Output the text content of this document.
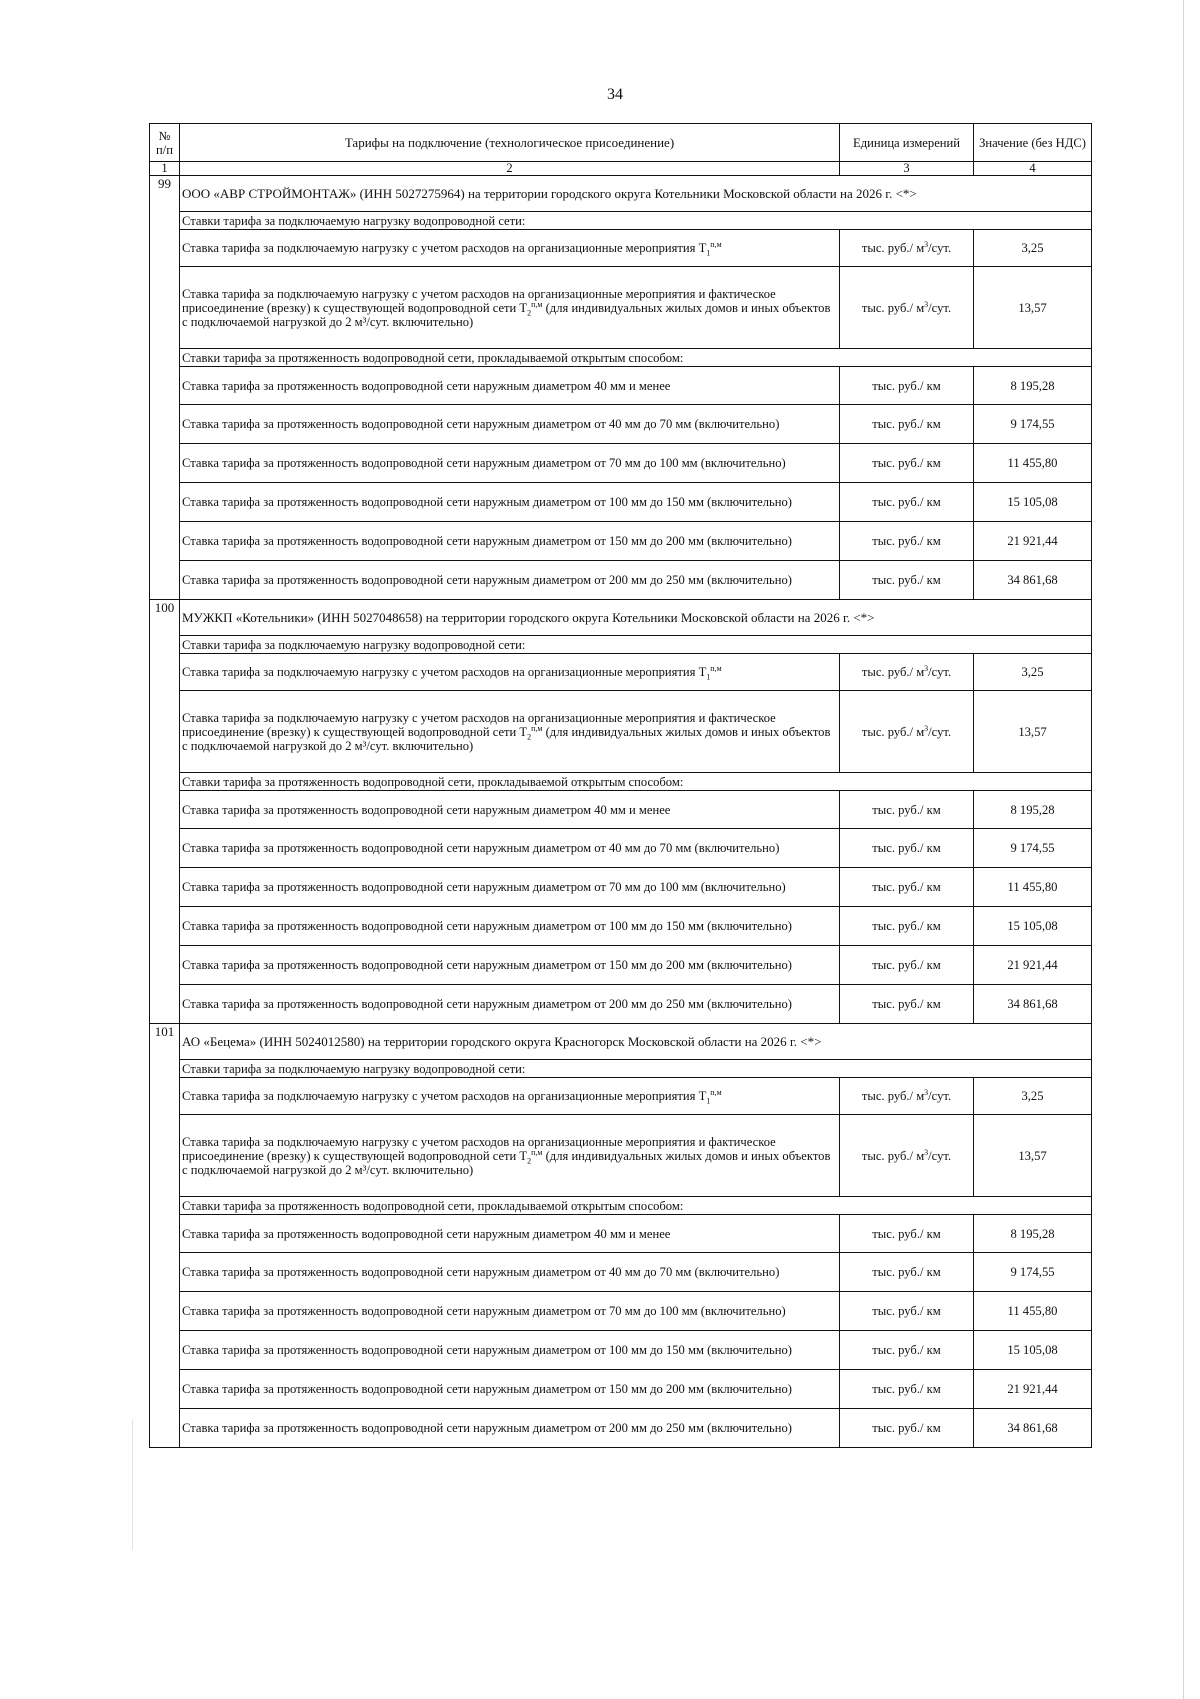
34
№ п/п	Тарифы на подключение (технологическое присоединение)	Единица измерений	Значение (без НДС)
1	2	3	4
99	ООО «АВР СТРОЙМОНТАЖ» (ИНН 5027275964) на территории городского округа Котельники Московской области на 2026 г. <*>		
	Ставки тарифа за подключаемую нагрузку водопроводной сети:		
	Ставка тарифа за подключаемую нагрузку с учетом расходов на организационные мероприятия $T_1^{п,м}$	тыс. руб./ $м^3$/сут.	3,25
	Ставка тарифа за подключаемую нагрузку с учетом расходов на организационные мероприятия и фактическое присоединение (врезку) к существующей водопроводной сети $T_2^{п,м}$ (для индивидуальных жилых домов и иных объектов с подключаемой нагрузкой до 2 м³/сут. включительно)	тыс. руб./ $м^3$/сут.	13,57
	Ставки тарифа за протяженность водопроводной сети, прокладываемой открытым способом:		
	Ставка тарифа за протяженность водопроводной сети наружным диаметром 40 мм и менее	тыс. руб./ км	8 195,28
	Ставка тарифа за протяженность водопроводной сети наружным диаметром от 40 мм до 70 мм (включительно)	тыс. руб./ км	9 174,55
	Ставка тарифа за протяженность водопроводной сети наружным диаметром от 70 мм до 100 мм (включительно)	тыс. руб./ км	11 455,80
	Ставка тарифа за протяженность водопроводной сети наружным диаметром от 100 мм до 150 мм (включительно)	тыс. руб./ км	15 105,08
	Ставка тарифа за протяженность водопроводной сети наружным диаметром от 150 мм до 200 мм (включительно)	тыс. руб./ км	21 921,44
	Ставка тарифа за протяженность водопроводной сети наружным диаметром от 200 мм до 250 мм (включительно)	тыс. руб./ км	34 861,68
100	МУЖКП «Котельники» (ИНН 5027048658) на территории городского округа Котельники Московской области на 2026 г. <*>		
	Ставки тарифа за подключаемую нагрузку водопроводной сети:		
	Ставка тарифа за подключаемую нагрузку с учетом расходов на организационные мероприятия $T_1^{п,м}$	тыс. руб./ $м^3$/сут.	3,25
	Ставка тарифа за подключаемую нагрузку с учетом расходов на организационные мероприятия и фактическое присоединение (врезку) к существующей водопроводной сети $T_2^{п,м}$ (для индивидуальных жилых домов и иных объектов с подключаемой нагрузкой до 2 м³/сут. включительно)	тыс. руб./ $м^3$/сут.	13,57
	Ставки тарифа за протяженность водопроводной сети, прокладываемой открытым способом:		
	Ставка тарифа за протяженность водопроводной сети наружным диаметром 40 мм и менее	тыс. руб./ км	8 195,28
	Ставка тарифа за протяженность водопроводной сети наружным диаметром от 40 мм до 70 мм (включительно)	тыс. руб./ км	9 174,55
	Ставка тарифа за протяженность водопроводной сети наружным диаметром от 70 мм до 100 мм (включительно)	тыс. руб./ км	11 455,80
	Ставка тарифа за протяженность водопроводной сети наружным диаметром от 100 мм до 150 мм (включительно)	тыс. руб./ км	15 105,08
	Ставка тарифа за протяженность водопроводной сети наружным диаметром от 150 мм до 200 мм (включительно)	тыс. руб./ км	21 921,44
	Ставка тарифа за протяженность водопроводной сети наружным диаметром от 200 мм до 250 мм (включительно)	тыс. руб./ км	34 861,68
101	АО «Бецема» (ИНН 5024012580) на территории городского округа Красногорск Московской области на 2026 г. <*>		
	Ставки тарифа за подключаемую нагрузку водопроводной сети:		
	Ставка тарифа за подключаемую нагрузку с учетом расходов на организационные мероприятия $T_1^{п,м}$	тыс. руб./ $м^3$/сут.	3,25
	Ставка тарифа за подключаемую нагрузку с учетом расходов на организационные мероприятия и фактическое присоединение (врезку) к существующей водопроводной сети $T_2^{п,м}$ (для индивидуальных жилых домов и иных объектов с подключаемой нагрузкой до 2 м³/сут. включительно)	тыс. руб./ $м^3$/сут.	13,57
	Ставки тарифа за протяженность водопроводной сети, прокладываемой открытым способом:		
	Ставка тарифа за протяженность водопроводной сети наружным диаметром 40 мм и менее	тыс. руб./ км	8 195,28
	Ставка тарифа за протяженность водопроводной сети наружным диаметром от 40 мм до 70 мм (включительно)	тыс. руб./ км	9 174,55
	Ставка тарифа за протяженность водопроводной сети наружным диаметром от 70 мм до 100 мм (включительно)	тыс. руб./ км	11 455,80
	Ставка тарифа за протяженность водопроводной сети наружным диаметром от 100 мм до 150 мм (включительно)	тыс. руб./ км	15 105,08
	Ставка тарифа за протяженность водопроводной сети наружным диаметром от 150 мм до 200 мм (включительно)	тыс. руб./ км	21 921,44
	Ставка тарифа за протяженность водопроводной сети наружным диаметром от 200 мм до 250 мм (включительно)	тыс. руб./ км	34 861,68
